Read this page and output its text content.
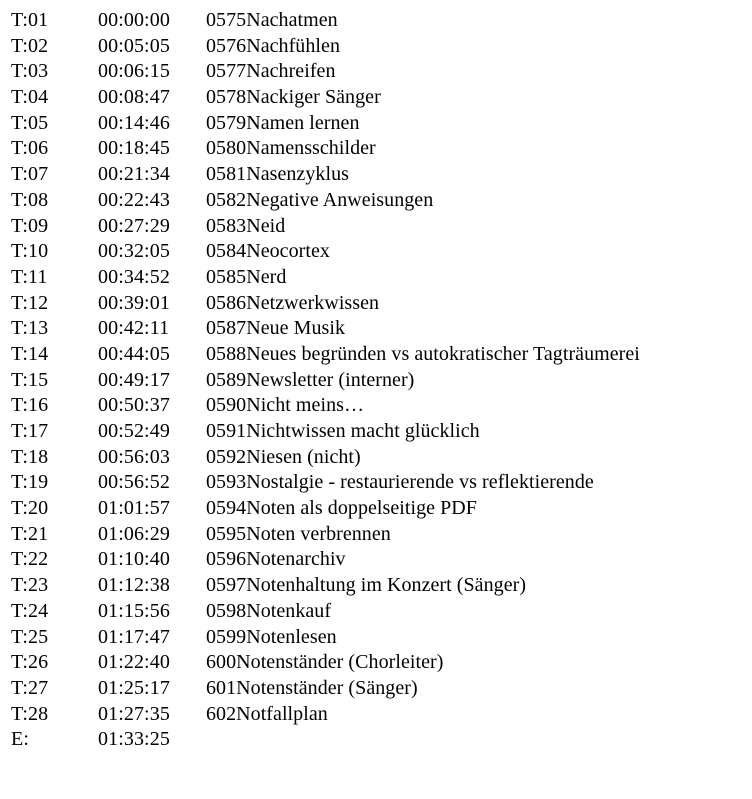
T:01	00:00:00	0575Nachatmen
T:02	00:05:05	0576Nachfühlen
T:03	00:06:15	0577Nachreifen
T:04	00:08:47	0578Nackiger Sänger
T:05	00:14:46	0579Namen lernen
T:06	00:18:45	0580Namensschilder
T:07	00:21:34	0581Nasenzyklus
T:08	00:22:43	0582Negative Anweisungen
T:09	00:27:29	0583Neid
T:10	00:32:05	0584Neocortex
T:11	00:34:52	0585Nerd
T:12	00:39:01	0586Netzwerkwissen
T:13	00:42:11	0587Neue Musik
T:14	00:44:05	0588Neues begründen vs autokratischer Tagträumerei
T:15	00:49:17	0589Newsletter (interner)
T:16	00:50:37	0590Nicht meins…
T:17	00:52:49	0591Nichtwissen macht glücklich
T:18	00:56:03	0592Niesen (nicht)
T:19	00:56:52	0593Nostalgie - restaurierende vs reflektierende
T:20	01:01:57	0594Noten als doppelseitige PDF
T:21	01:06:29	0595Noten verbrennen
T:22	01:10:40	0596Notenarchiv
T:23	01:12:38	0597Notenhaltung im Konzert (Sänger)
T:24	01:15:56	0598Notenkauf
T:25	01:17:47	0599Notenlesen
T:26	01:22:40	600Notenständer (Chorleiter)
T:27	01:25:17	601Notenständer (Sänger)
T:28	01:27:35	602Notfallplan
E:	01:33:25
